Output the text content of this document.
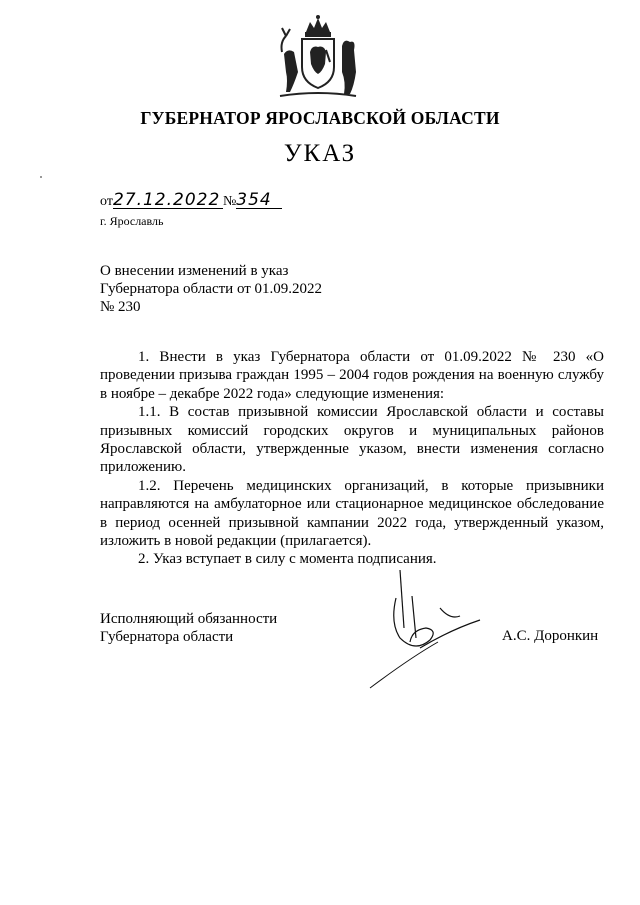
ГУБЕРНАТОР ЯРОСЛАВСКОЙ ОБЛАСТИ
УКАЗ
от27.12.2022 №354
г. Ярославль
О внесении изменений в указ
Губернатора области от 01.09.2022
№ 230

1. Внести в указ Губернатора области от 01.09.2022 № 230 «О проведении призыва граждан 1995 – 2004 годов рождения на военную службу в ноябре – декабре 2022 года» следующие изменения:

1.1. В состав призывной комиссии Ярославской области и составы призывных комиссий городских округов и муниципальных районов Ярославской области, утвержденные указом, внести изменения согласно приложению.

1.2. Перечень медицинских организаций, в которые призывники направляются на амбулаторное или стационарное медицинское обследование в период осенней призывной кампании 2022 года, утвержденный указом, изложить в новой редакции (прилагается).

2. Указ вступает в силу с момента подписания.

Исполняющий обязанности
Губернатора области	А.С. Доронкин
